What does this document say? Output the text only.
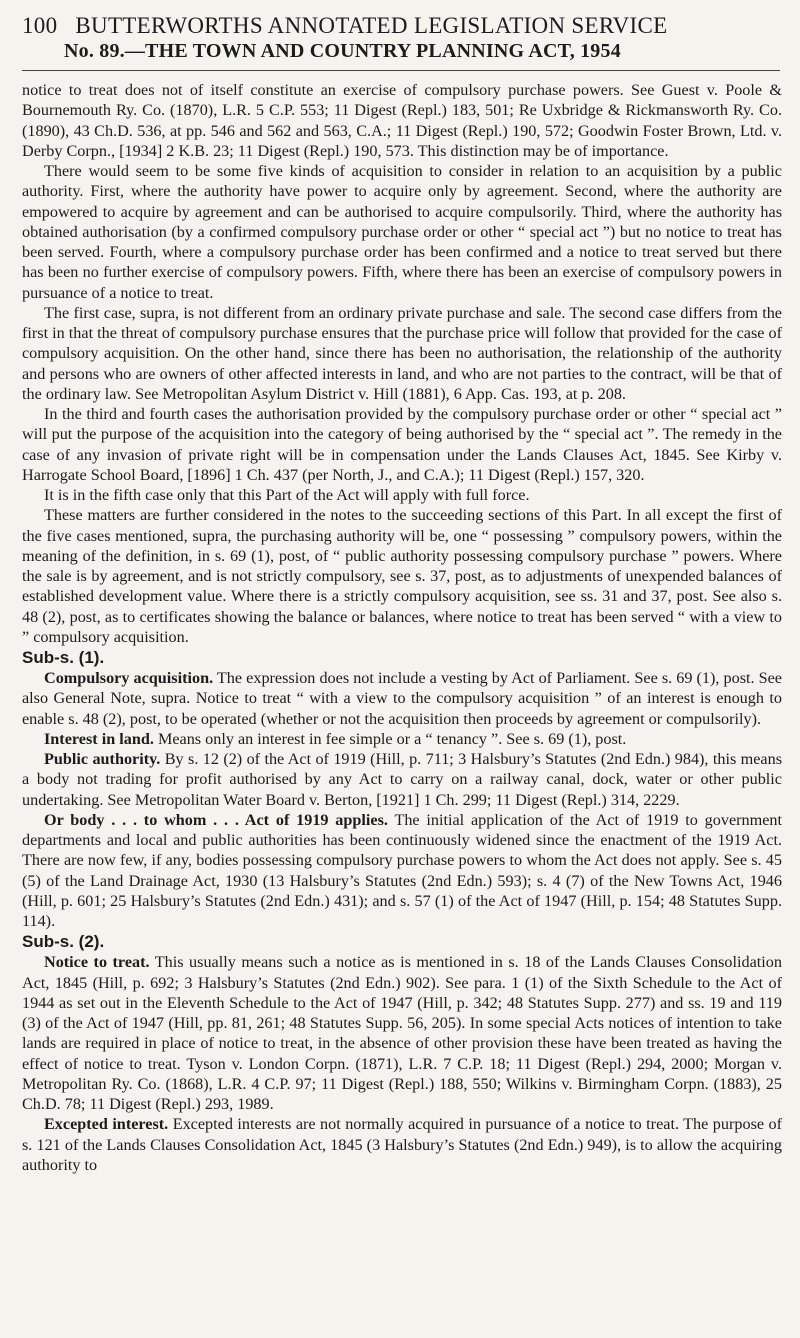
100 BUTTERWORTHS ANNOTATED LEGISLATION SERVICE
No. 89.—THE TOWN AND COUNTRY PLANNING ACT, 1954

notice to treat does not of itself constitute an exercise of compulsory purchase powers. See Guest v. Poole & Bournemouth Ry. Co. (1870), L.R. 5 C.P. 553; 11 Digest (Repl.) 183, 501; Re Uxbridge & Rickmansworth Ry. Co. (1890), 43 Ch.D. 536, at pp. 546 and 562 and 563, C.A.; 11 Digest (Repl.) 190, 572; Goodwin Foster Brown, Ltd. v. Derby Corpn., [1934] 2 K.B. 23; 11 Digest (Repl.) 190, 573. This distinction may be of importance.

There would seem to be some five kinds of acquisition to consider in relation to an acquisition by a public authority. First, where the authority have power to acquire only by agreement. Second, where the authority are empowered to acquire by agreement and can be authorised to acquire compulsorily. Third, where the authority has obtained authorisation (by a confirmed compulsory purchase order or other “ special act ”) but no notice to treat has been served. Fourth, where a compulsory purchase order has been confirmed and a notice to treat served but there has been no further exercise of compulsory powers. Fifth, where there has been an exercise of compulsory powers in pursuance of a notice to treat.

The first case, supra, is not different from an ordinary private purchase and sale. The second case differs from the first in that the threat of compulsory purchase ensures that the purchase price will follow that provided for the case of compulsory acquisition. On the other hand, since there has been no authorisation, the relationship of the authority and persons who are owners of other affected interests in land, and who are not parties to the contract, will be that of the ordinary law. See Metropolitan Asylum District v. Hill (1881), 6 App. Cas. 193, at p. 208.

In the third and fourth cases the authorisation provided by the compulsory purchase order or other “ special act ” will put the purpose of the acquisition into the category of being authorised by the “ special act ”. The remedy in the case of any invasion of private right will be in compensation under the Lands Clauses Act, 1845. See Kirby v. Harrogate School Board, [1896] 1 Ch. 437 (per North, J., and C.A.); 11 Digest (Repl.) 157, 320.

It is in the fifth case only that this Part of the Act will apply with full force.

These matters are further considered in the notes to the succeeding sections of this Part. In all except the first of the five cases mentioned, supra, the purchasing authority will be, one “ possessing ” compulsory powers, within the meaning of the definition, in s. 69 (1), post, of “ public authority possessing compulsory purchase ” powers. Where the sale is by agreement, and is not strictly compulsory, see s. 37, post, as to adjustments of unexpended balances of established development value. Where there is a strictly compulsory acquisition, see ss. 31 and 37, post. See also s. 48 (2), post, as to certificates showing the balance or balances, where notice to treat has been served “ with a view to ” compulsory acquisition.

Sub-s. (1).

Compulsory acquisition. The expression does not include a vesting by Act of Parliament. See s. 69 (1), post. See also General Note, supra. Notice to treat “ with a view to the compulsory acquisition ” of an interest is enough to enable s. 48 (2), post, to be operated (whether or not the acquisition then proceeds by agreement or compulsorily).

Interest in land. Means only an interest in fee simple or a “ tenancy ”. See s. 69 (1), post.

Public authority. By s. 12 (2) of the Act of 1919 (Hill, p. 711; 3 Halsbury’s Statutes (2nd Edn.) 984), this means a body not trading for profit authorised by any Act to carry on a railway canal, dock, water or other public undertaking. See Metropolitan Water Board v. Berton, [1921] 1 Ch. 299; 11 Digest (Repl.) 314, 2229.

Or body . . . to whom . . . Act of 1919 applies. The initial application of the Act of 1919 to government departments and local and public authorities has been continuously widened since the enactment of the 1919 Act. There are now few, if any, bodies possessing compulsory purchase powers to whom the Act does not apply. See s. 45 (5) of the Land Drainage Act, 1930 (13 Halsbury’s Statutes (2nd Edn.) 593); s. 4 (7) of the New Towns Act, 1946 (Hill, p. 601; 25 Halsbury’s Statutes (2nd Edn.) 431); and s. 57 (1) of the Act of 1947 (Hill, p. 154; 48 Statutes Supp. 114).

Sub-s. (2).

Notice to treat. This usually means such a notice as is mentioned in s. 18 of the Lands Clauses Consolidation Act, 1845 (Hill, p. 692; 3 Halsbury’s Statutes (2nd Edn.) 902). See para. 1 (1) of the Sixth Schedule to the Act of 1944 as set out in the Eleventh Schedule to the Act of 1947 (Hill, p. 342; 48 Statutes Supp. 277) and ss. 19 and 119 (3) of the Act of 1947 (Hill, pp. 81, 261; 48 Statutes Supp. 56, 205). In some special Acts notices of intention to take lands are required in place of notice to treat, in the absence of other provision these have been treated as having the effect of notice to treat. Tyson v. London Corpn. (1871), L.R. 7 C.P. 18; 11 Digest (Repl.) 294, 2000; Morgan v. Metropolitan Ry. Co. (1868), L.R. 4 C.P. 97; 11 Digest (Repl.) 188, 550; Wilkins v. Birmingham Corpn. (1883), 25 Ch.D. 78; 11 Digest (Repl.) 293, 1989.

Excepted interest. Excepted interests are not normally acquired in pursuance of a notice to treat. The purpose of s. 121 of the Lands Clauses Consolidation Act, 1845 (3 Halsbury’s Statutes (2nd Edn.) 949), is to allow the acquiring authority to
